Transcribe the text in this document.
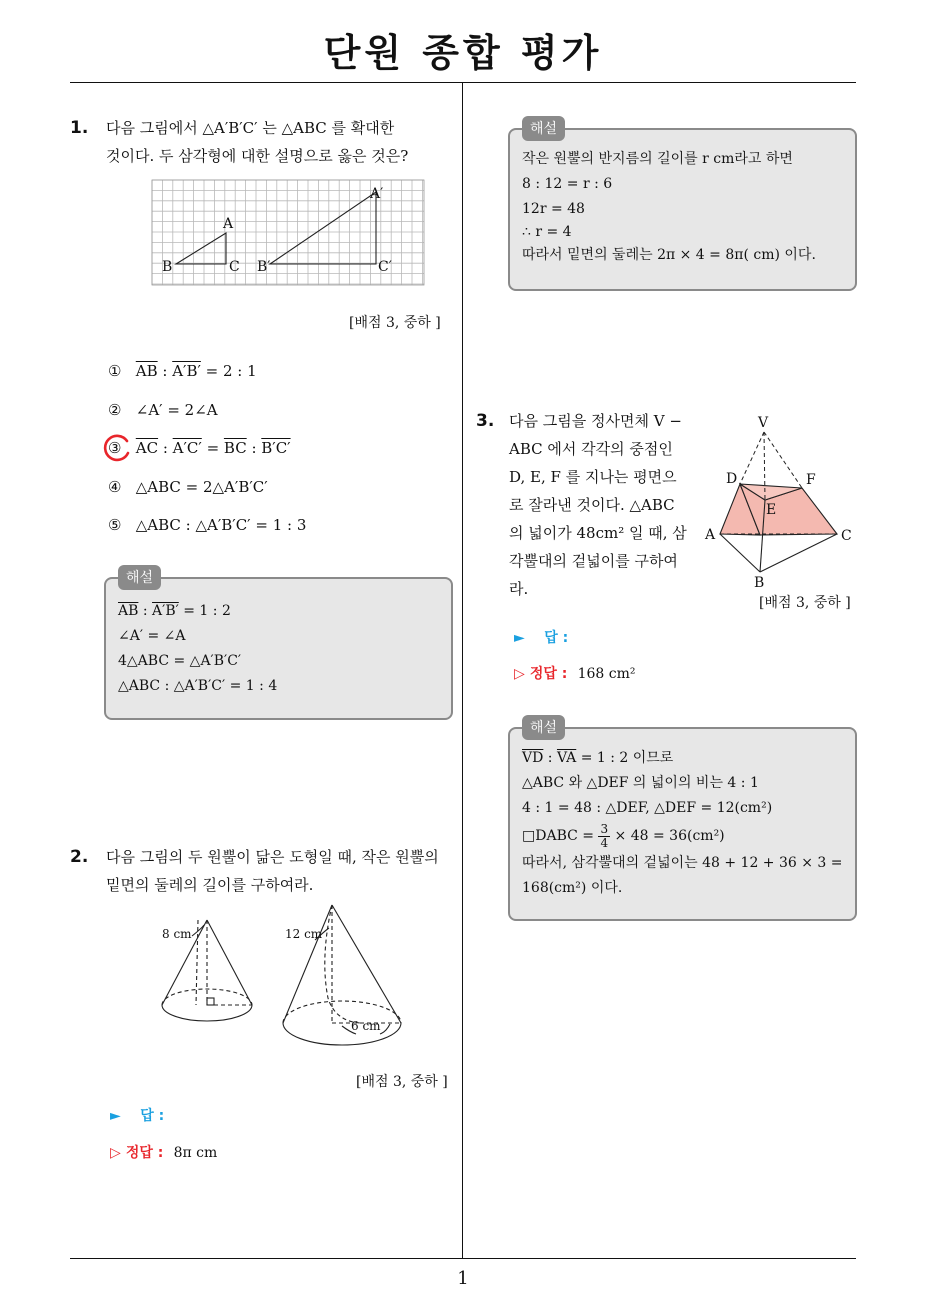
단원 종합 평가
1
1. 다음 그림에서 △A′B′C′ 는 △ABC 를 확대한
것이다. 두 삼각형에 대한 설명으로 옳은 것은?
A
B	C
A′
B′	C′
[배점 3, 중하 ]
① $\overline{AB}$ : A′B′ = 2 : 1
② ∠A′ = 2∠A
③ $\overline{AC}$ : $A'C' = \overline{BC}$ : B′C′
④ △ABC = 2△A′B′C′
⑤ △ABC : △A′B′C′ = 1 : 3
해설
$\overline{AB}$ : A′B′ = 1 : 2
∠A′ = ∠A
4△ABC = △A′B′C′
△ABC : △A′B′C′ = 1 : 4
2. 다음 그림의 두 원뿔이 닮은 도형일 때, 작은 원뿔의
밑면의 둘레의 길이를 구하여라.
8 cm	12 cm
6 cm
[배점 3, 중하 ]
► 답 :
▷ 정답 : 8π cm
해설
작은 원뿔의 반지름의 길이를 r cm라고 하면
8 : 12 = r : 6
12r = 48
∴ r = 4
따라서 밑면의 둘레는 2π × 4 = 8π( cm) 이다.
3. 다음 그림을 정사면체 V −
ABC 에서 각각의 중점인
D, E, F 를 지나는 평면으
로 잘라낸 것이다. △ABC
의 넓이가 48cm² 일 때, 삼
각뿔대의 겉넓이를 구하여
라.
V
D
E
F
A
B
C
[배점 3, 중하 ]
► 답 :
▷ 정답 : 168 cm²
해설
$\overline{VD}$ : $\overline{VA} = 1$ : 2 이므로
△ABC 와 △DEF 의 넓이의 비는 4 : 1
4 : 1 = 48 : △DEF, △DEF = 12(cm²)
□DABC = $\frac{3}{4} \times 48 = 36(cm^2)$
따라서, 삼각뿔대의 겉넓이는 48 + 12 + 36 × 3 =
168(cm²) 이다.
